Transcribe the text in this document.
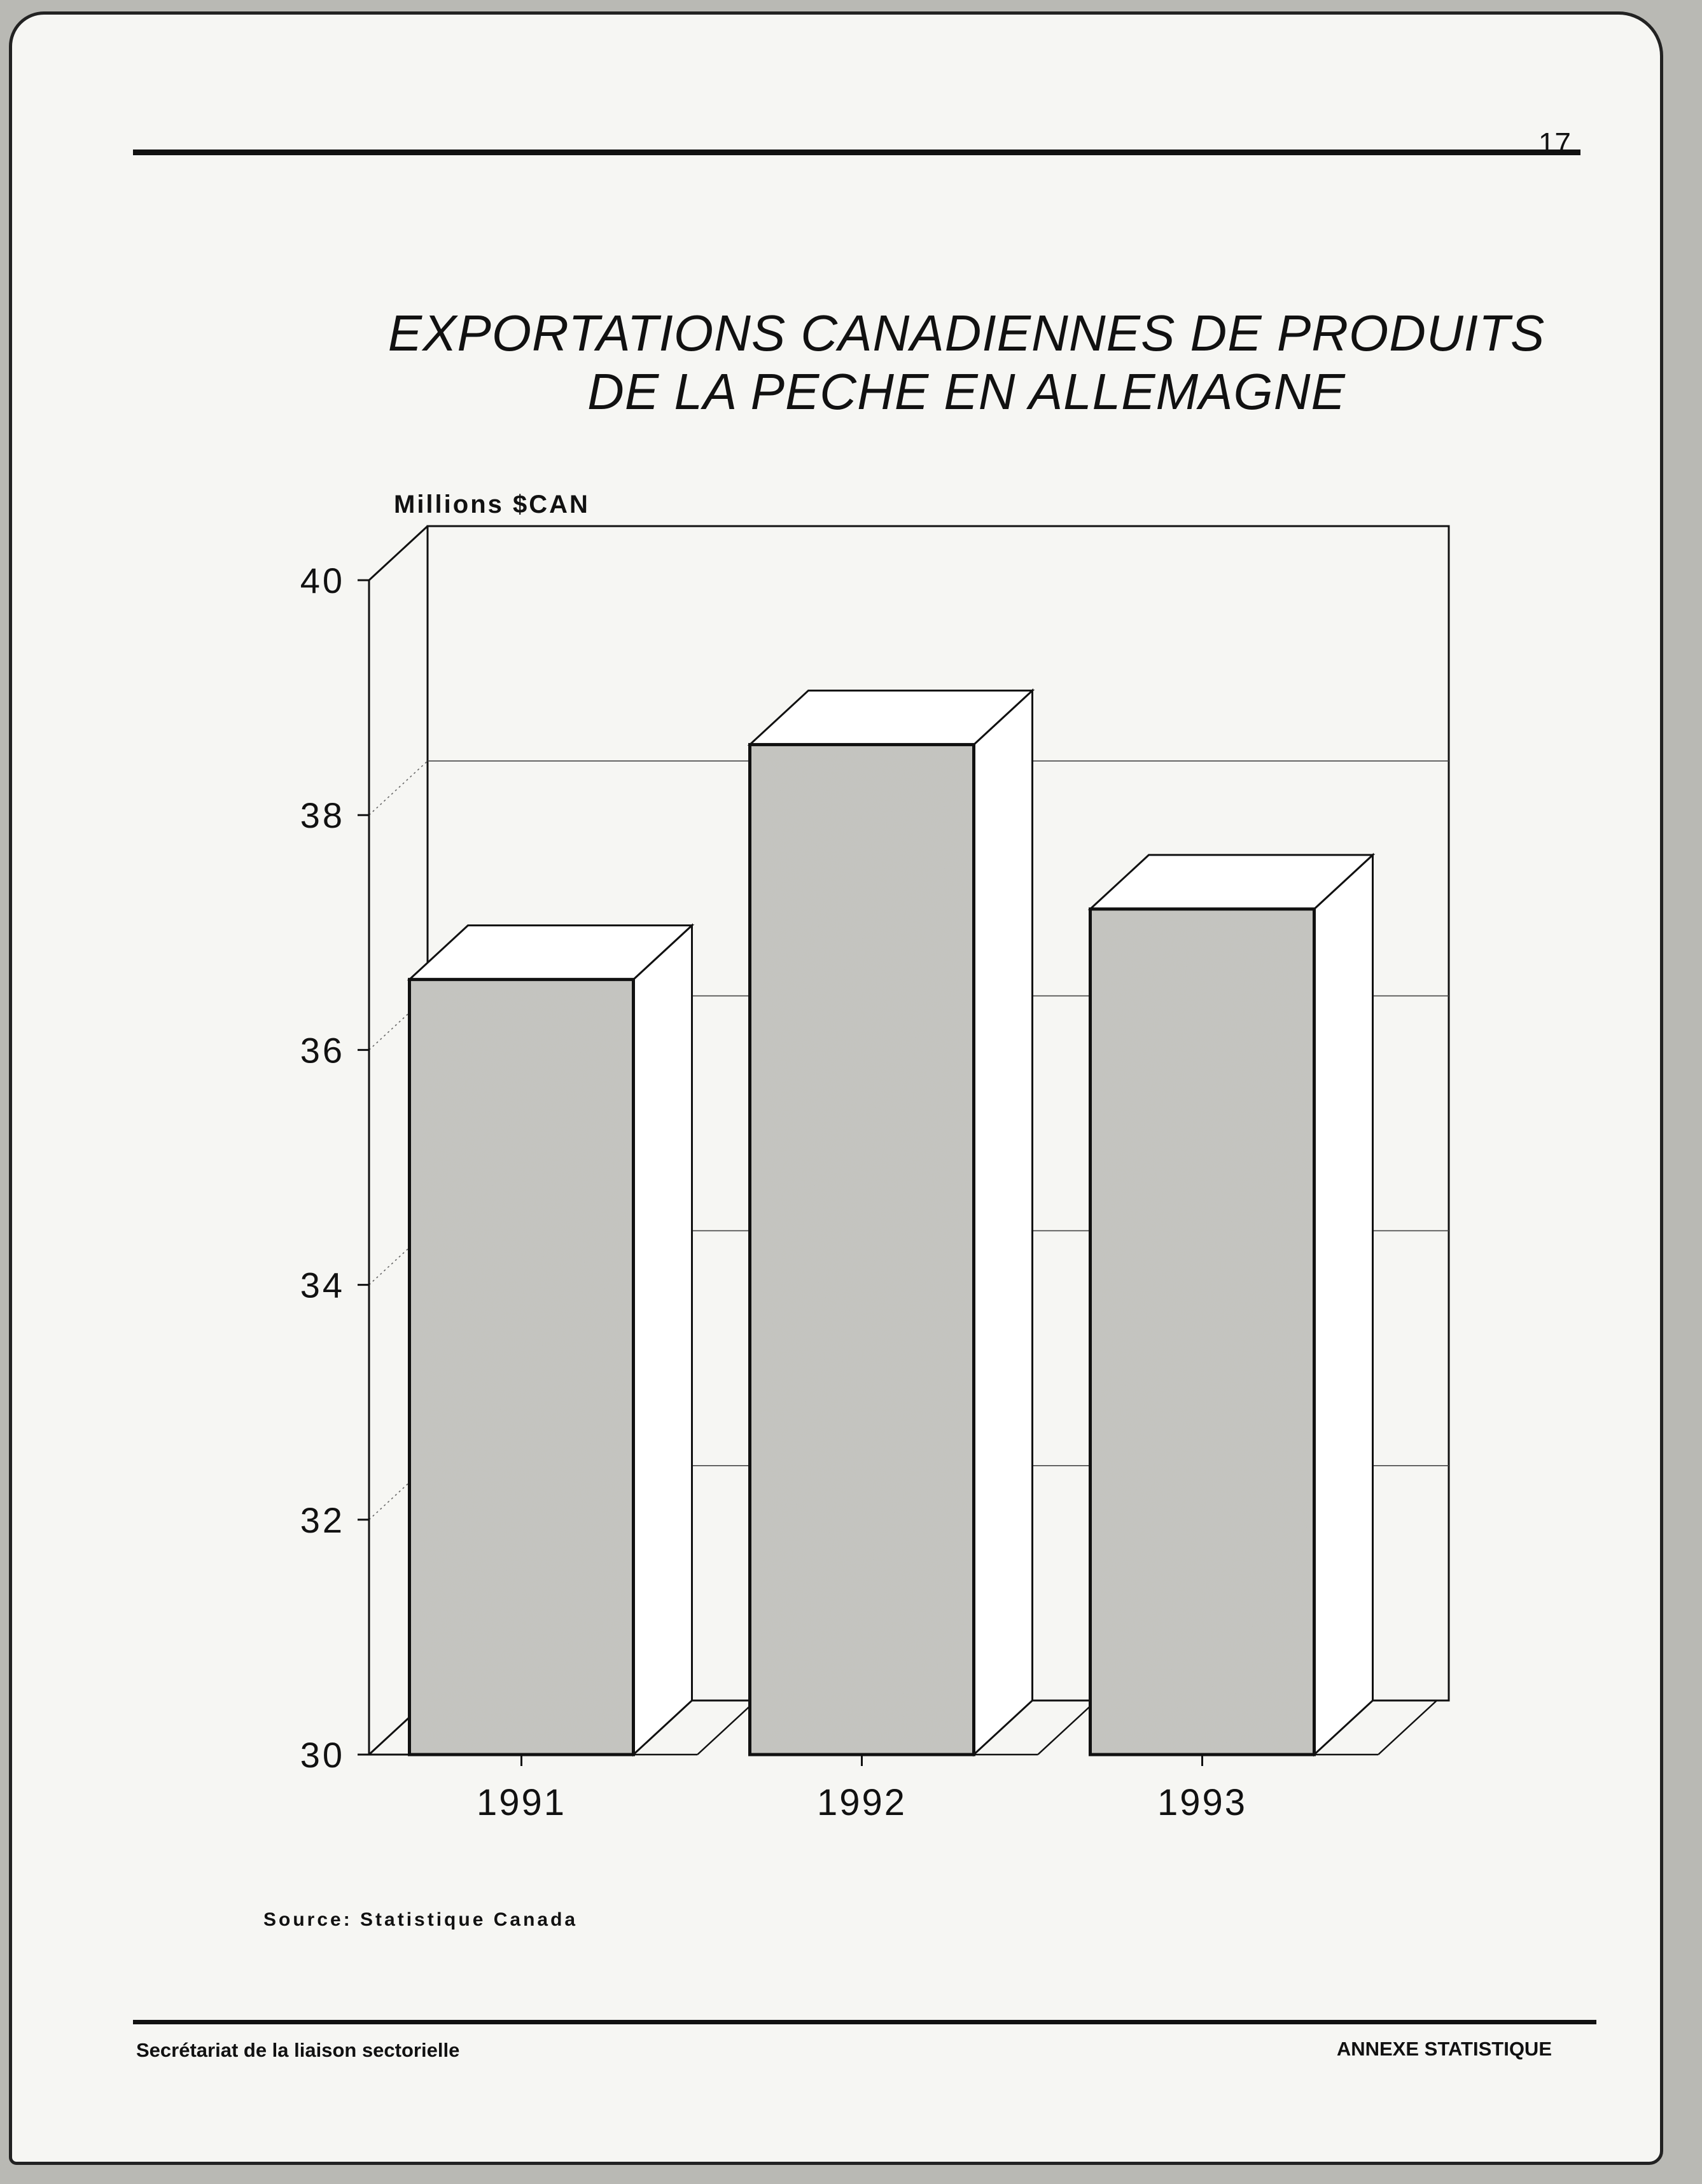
17
EXPORTATIONS CANADIENNES DE PRODUITS
DE LA PECHE EN ALLEMAGNE
Millions $CAN
Source: Statistique Canada
Secrétariat de la liaison sectorielle	ANNEXE STATISTIQUE
30
32
34
36
38
40
1991	1992	1993
